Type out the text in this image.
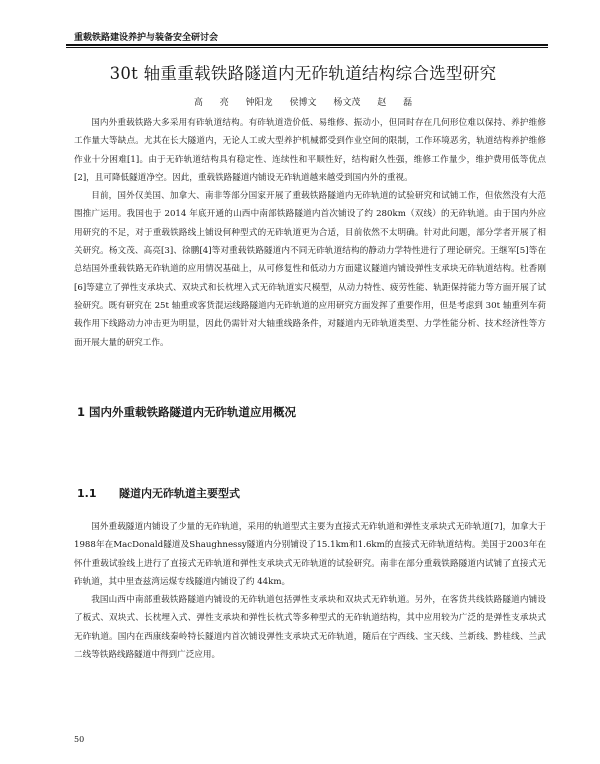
重载铁路建设养护与装备安全研讨会
30t 轴重重载铁路隧道内无砟轨道结构综合选型研究
高 亮 钟阳龙 侯博文 杨文茂 赵 磊

国内外重载铁路大多采用有砟轨道结构。有砟轨道造价低、易维修、振动小，但同时存在几何形位难以保持、养护维修工作量大等缺点。尤其在长大隧道内，无论人工或大型养护机械都受到作业空间的限制，工作环境恶劣，轨道结构养护维修作业十分困难[1]。由于无砟轨道结构具有稳定性、连续性和平顺性好，结构耐久性强，维修工作量少，维护费用低等优点[2]，且可降低隧道净空。因此，重载铁路隧道内铺设无砟轨道越来越受到国内外的重视。

目前，国外仅美国、加拿大、南非等部分国家开展了重载铁路隧道内无砟轨道的试验研究和试铺工作，但依然没有大范围推广运用。我国也于 2014 年底开通的山西中南部铁路隧道内首次铺设了约 280km（双线）的无砟轨道。由于国内外应用研究的不足，对于重载铁路线上铺设何种型式的无砟轨道更为合适，目前依然不太明确。针对此问题，部分学者开展了相关研究。杨文茂、高亮[3]、徐鹏[4]等对重载铁路隧道内不同无砟轨道结构的静动力学特性进行了理论研究。王继军[5]等在总结国外重载铁路无砟轨道的应用情况基础上，从可修复性和低动力方面建议隧道内铺设弹性支承块无砟轨道结构。杜香刚[6]等建立了弹性支承块式、双块式和长枕埋入式无砟轨道实尺模型，从动力特性、疲劳性能、轨距保持能力等方面开展了试验研究。既有研究在 25t 轴重或客货混运线路隧道内无砟轨道的应用研究方面发挥了重要作用，但是考虑到 30t 轴重列车荷载作用下线路动力冲击更为明显，因此仍需针对大轴重线路条件，对隧道内无砟轨道类型、力学性能分析、技术经济性等方面开展大量的研究工作。

1 国内外重载铁路隧道内无砟轨道应用概况
1.1 隧道内无砟轨道主要型式

国外重载隧道内铺设了少量的无砟轨道，采用的轨道型式主要为直接式无砟轨道和弹性支承块式无砟轨道[7]，加拿大于1988年在MacDonald隧道及Shaughnessy隧道内分别铺设了15.1km和1.6km的直接式无砟轨道结构。美国于2003年在怀什重载试验线上进行了直接式无砟轨道和弹性支承块式无砟轨道的试验研究。南非在部分重载铁路隧道内试铺了直接式无砟轨道，其中里查兹湾运煤专线隧道内铺设了约 44km。

我国山西中南部重载铁路隧道内铺设的无砟轨道包括弹性支承块和双块式无砟轨道。另外，在客货共线铁路隧道内铺设了板式、双块式、长枕埋入式、弹性支承块和弹性长枕式等多种型式的无砟轨道结构，其中应用较为广泛的是弹性支承块式无砟轨道。国内在西康线秦岭特长隧道内首次铺设弹性支承块式无砟轨道，随后在宁西线、宝天线、兰新线、黔桂线、兰武二线等铁路线路隧道中得到广泛应用。

50
